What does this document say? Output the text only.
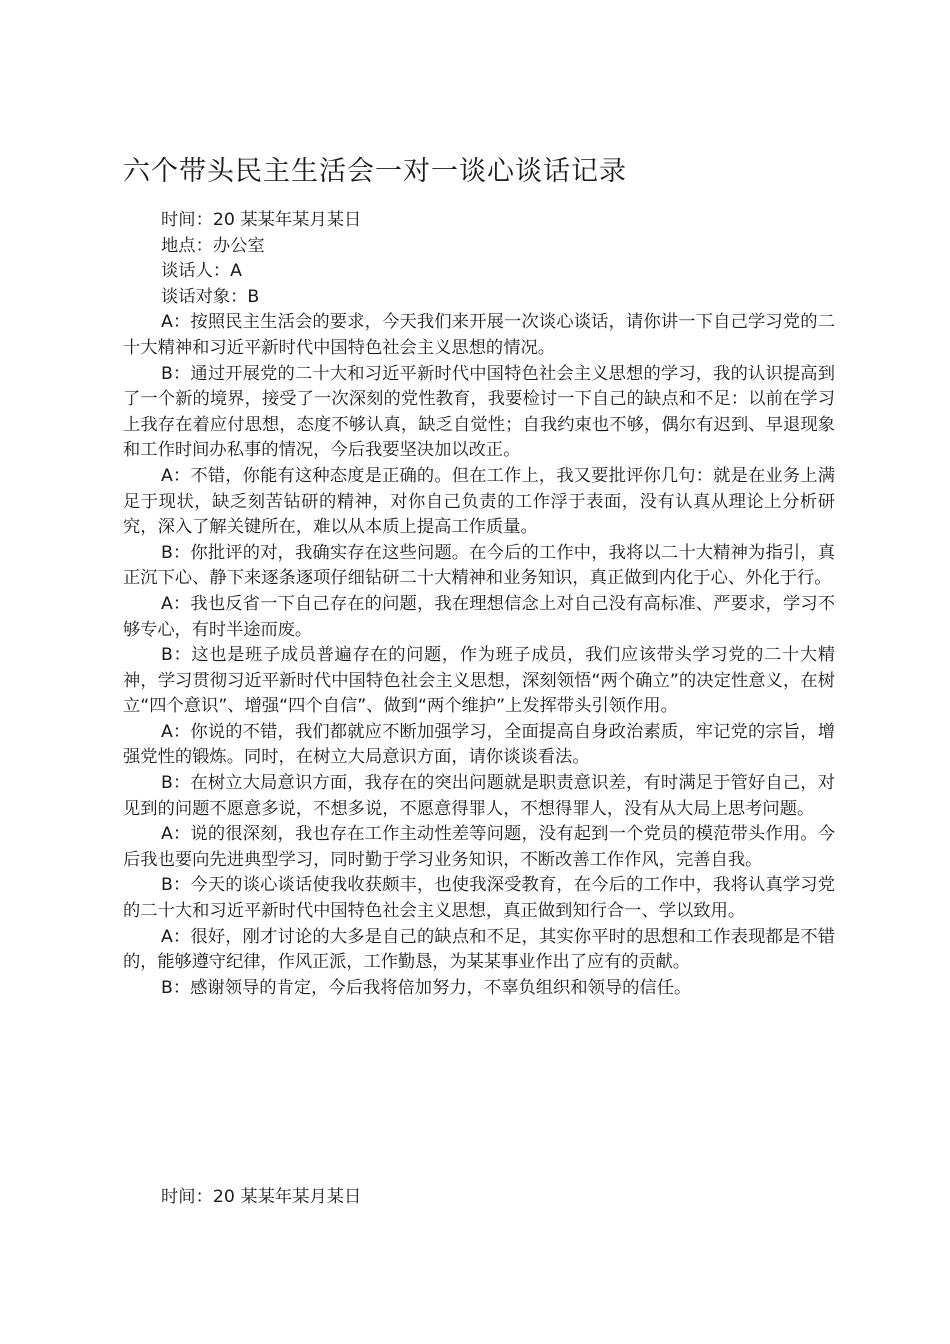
六个带头民主生活会一对一谈心谈话记录

时间：20 某某年某月某日

地点：办公室

谈话人：A

谈话对象：B

A：按照民主生活会的要求，今天我们来开展一次谈心谈话，请你讲一下自己学习党的二十大精神和习近平新时代中国特色社会主义思想的情况。

B：通过开展党的二十大和习近平新时代中国特色社会主义思想的学习，我的认识提高到了一个新的境界，接受了一次深刻的党性教育，我要检讨一下自己的缺点和不足：以前在学习上我存在着应付思想，态度不够认真，缺乏自觉性；自我约束也不够，偶尔有迟到、早退现象和工作时间办私事的情况，今后我要坚决加以改正。

A：不错，你能有这种态度是正确的。但在工作上，我又要批评你几句：就是在业务上满足于现状，缺乏刻苦钻研的精神，对你自己负责的工作浮于表面，没有认真从理论上分析研究，深入了解关键所在，难以从本质上提高工作质量。

B：你批评的对，我确实存在这些问题。在今后的工作中，我将以二十大精神为指引，真正沉下心、静下来逐条逐项仔细钻研二十大精神和业务知识，真正做到内化于心、外化于行。

A：我也反省一下自己存在的问题，我在理想信念上对自己没有高标准、严要求，学习不够专心，有时半途而废。

B：这也是班子成员普遍存在的问题，作为班子成员，我们应该带头学习党的二十大精神，学习贯彻习近平新时代中国特色社会主义思想，深刻领悟“两个确立”的决定性意义，在树立“四个意识”、增强“四个自信”、做到“两个维护”上发挥带头引领作用。

A：你说的不错，我们都就应不断加强学习，全面提高自身政治素质，牢记党的宗旨，增强党性的锻炼。同时，在树立大局意识方面，请你谈谈看法。

B：在树立大局意识方面，我存在的突出问题就是职责意识差，有时满足于管好自己，对见到的问题不愿意多说，不想多说，不愿意得罪人，不想得罪人，没有从大局上思考问题。

A：说的很深刻，我也存在工作主动性差等问题，没有起到一个党员的模范带头作用。今后我也要向先进典型学习，同时勤于学习业务知识，不断改善工作作风，完善自我。

B：今天的谈心谈话使我收获颇丰，也使我深受教育，在今后的工作中，我将认真学习党的二十大和习近平新时代中国特色社会主义思想，真正做到知行合一、学以致用。

A：很好，刚才讨论的大多是自己的缺点和不足，其实你平时的思想和工作表现都是不错的，能够遵守纪律，作风正派，工作勤恳，为某某事业作出了应有的贡献。

B：感谢领导的肯定，今后我将倍加努力，不辜负组织和领导的信任。

时间：20 某某年某月某日
